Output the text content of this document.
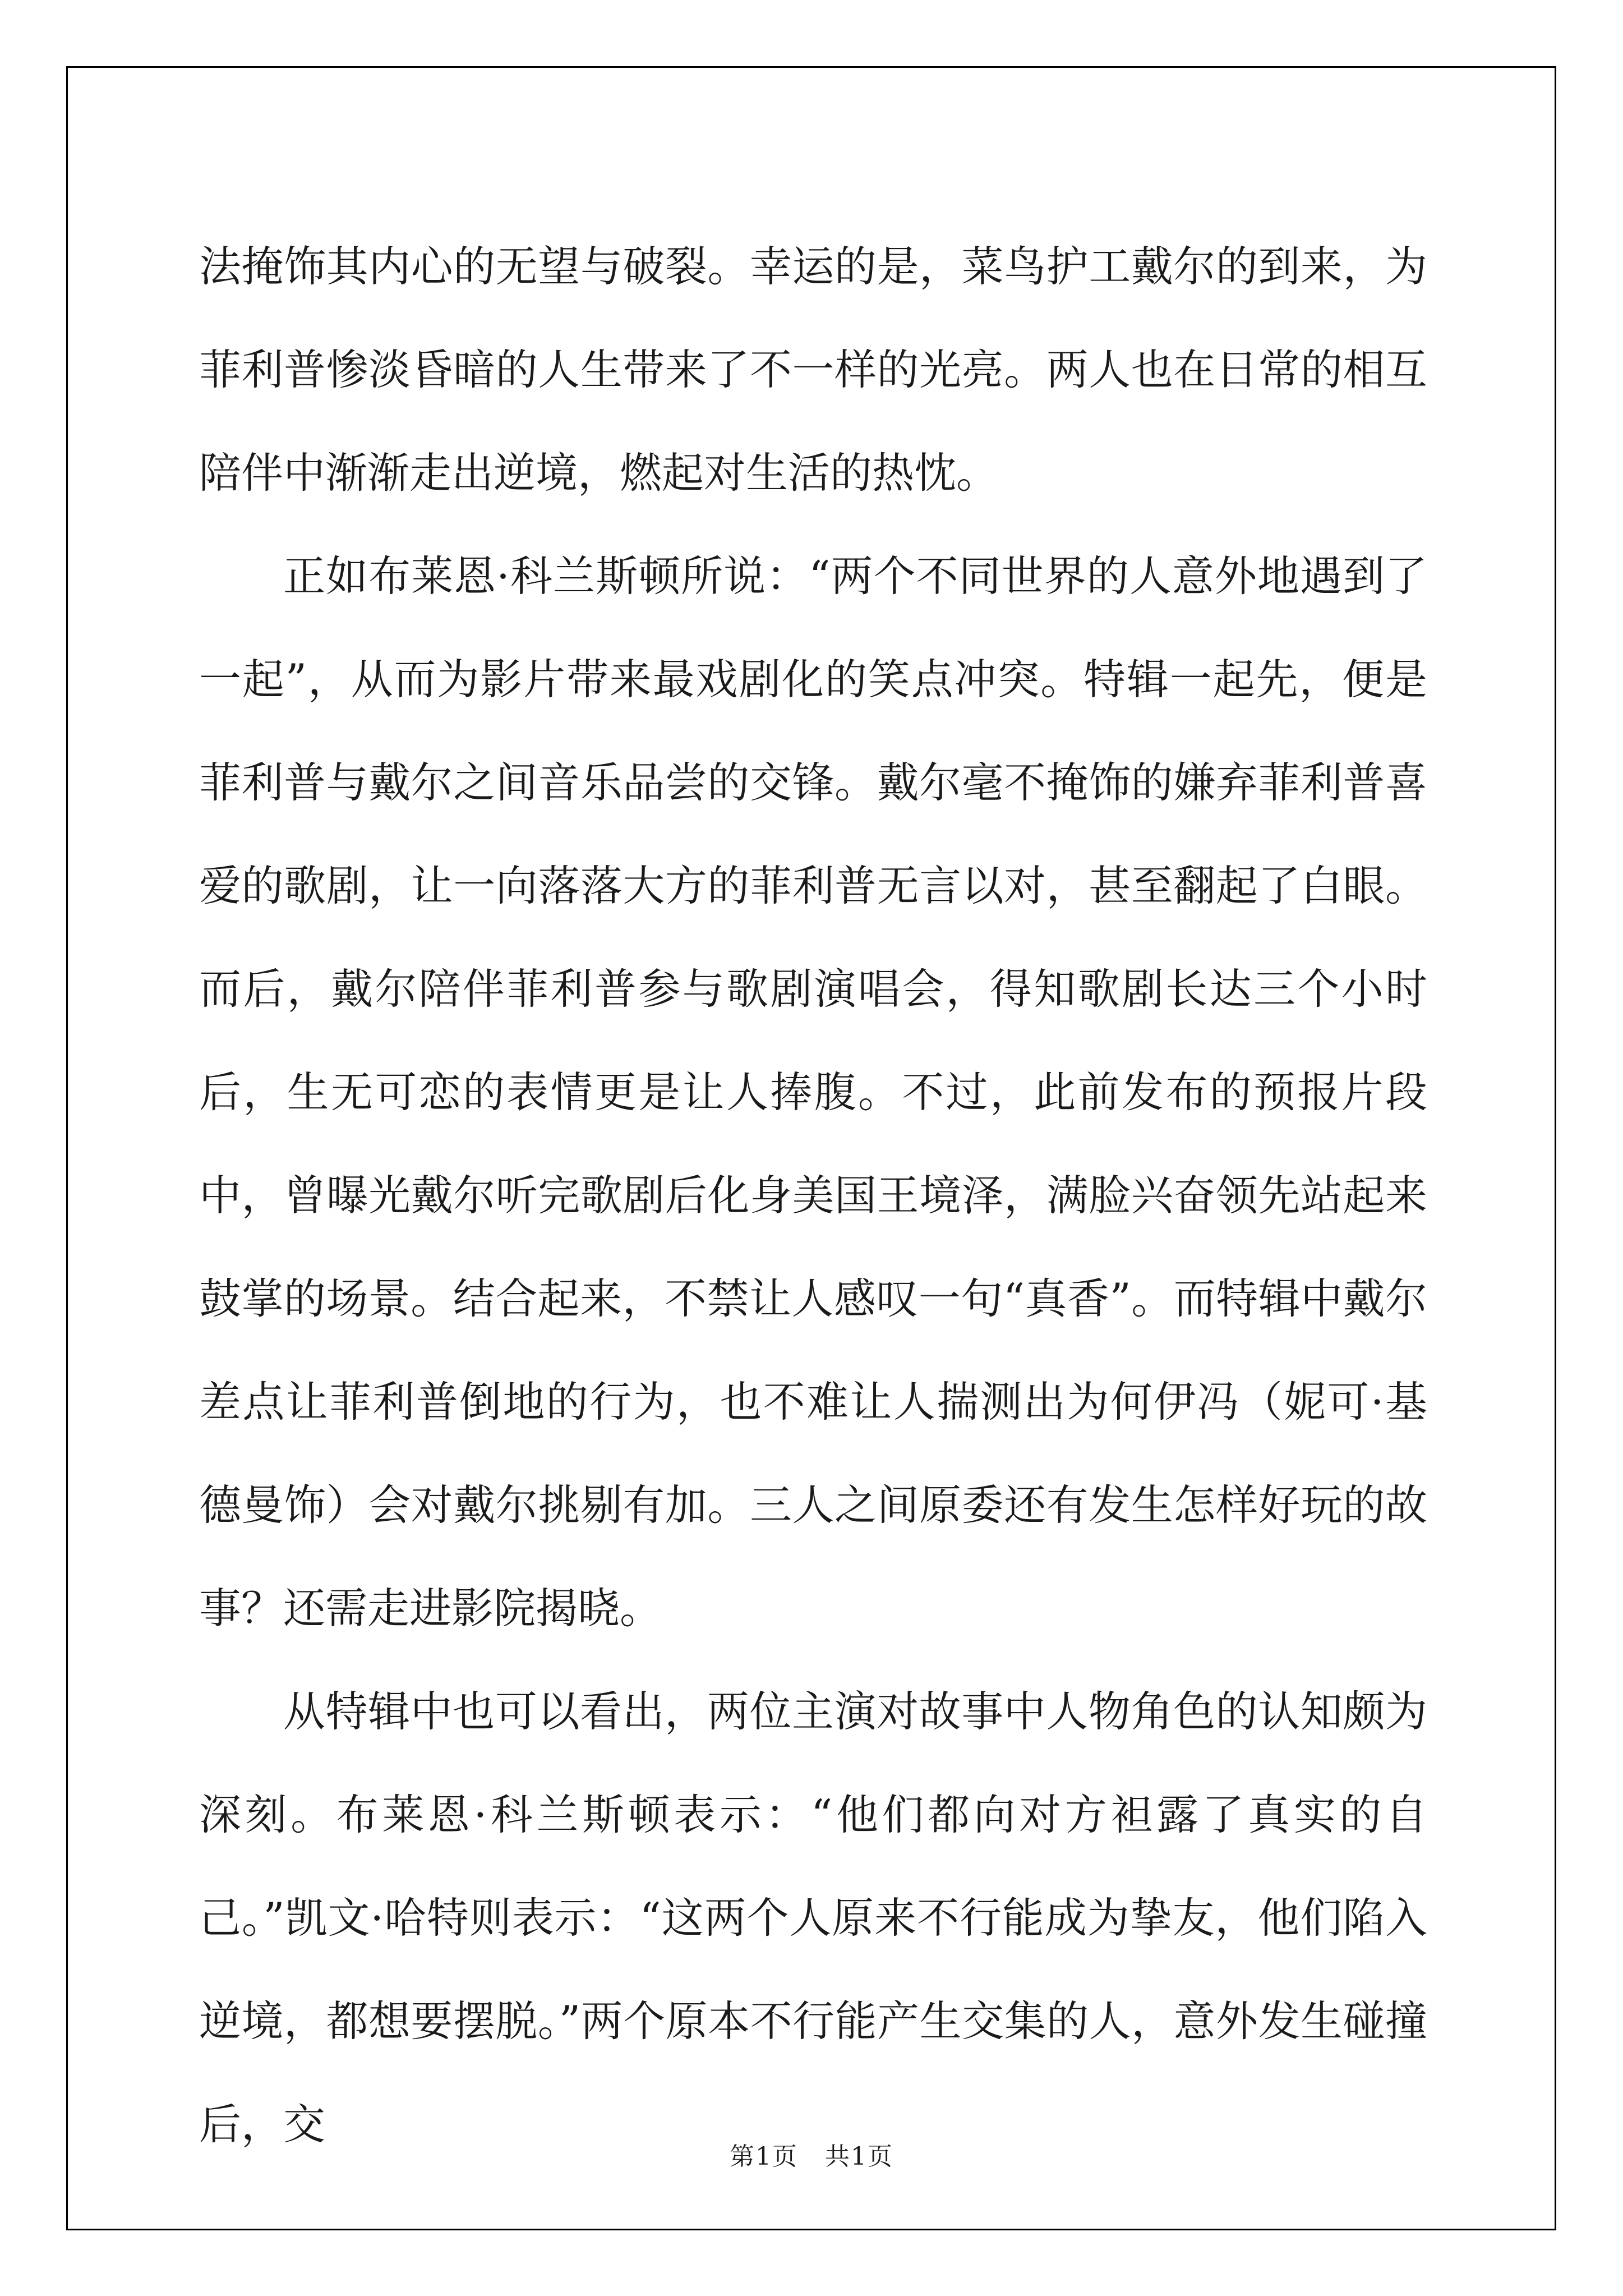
法掩饰其内心的无望与破裂。幸运的是，菜鸟护工戴尔的到来，为菲利普惨淡昏暗的人生带来了不一样的光亮。两人也在日常的相互陪伴中渐渐走出逆境，燃起对生活的热忱。

正如布莱恩·科兰斯顿所说：“两个不同世界的人意外地遇到了一起”，从而为影片带来最戏剧化的笑点冲突。特辑一起先，便是菲利普与戴尔之间音乐品尝的交锋。戴尔毫不掩饰的嫌弃菲利普喜爱的歌剧，让一向落落大方的菲利普无言以对，甚至翻起了白眼。而后，戴尔陪伴菲利普参与歌剧演唱会，得知歌剧长达三个小时后，生无可恋的表情更是让人捧腹。不过，此前发布的预报片段中，曾曝光戴尔听完歌剧后化身美国王境泽，满脸兴奋领先站起来鼓掌的场景。结合起来，不禁让人感叹一句“真香”。而特辑中戴尔差点让菲利普倒地的行为，也不难让人揣测出为何伊冯（妮可·基德曼饰）会对戴尔挑剔有加。三人之间原委还有发生怎样好玩的故事？还需走进影院揭晓。

从特辑中也可以看出，两位主演对故事中人物角色的认知颇为深刻。布莱恩·科兰斯顿表示：“他们都向对方袒露了真实的自己。”凯文·哈特则表示：“这两个人原来不行能成为挚友，他们陷入逆境，都想要摆脱。”两个原本不行能产生交集的人，意外发生碰撞后，交

第1页 共1页
